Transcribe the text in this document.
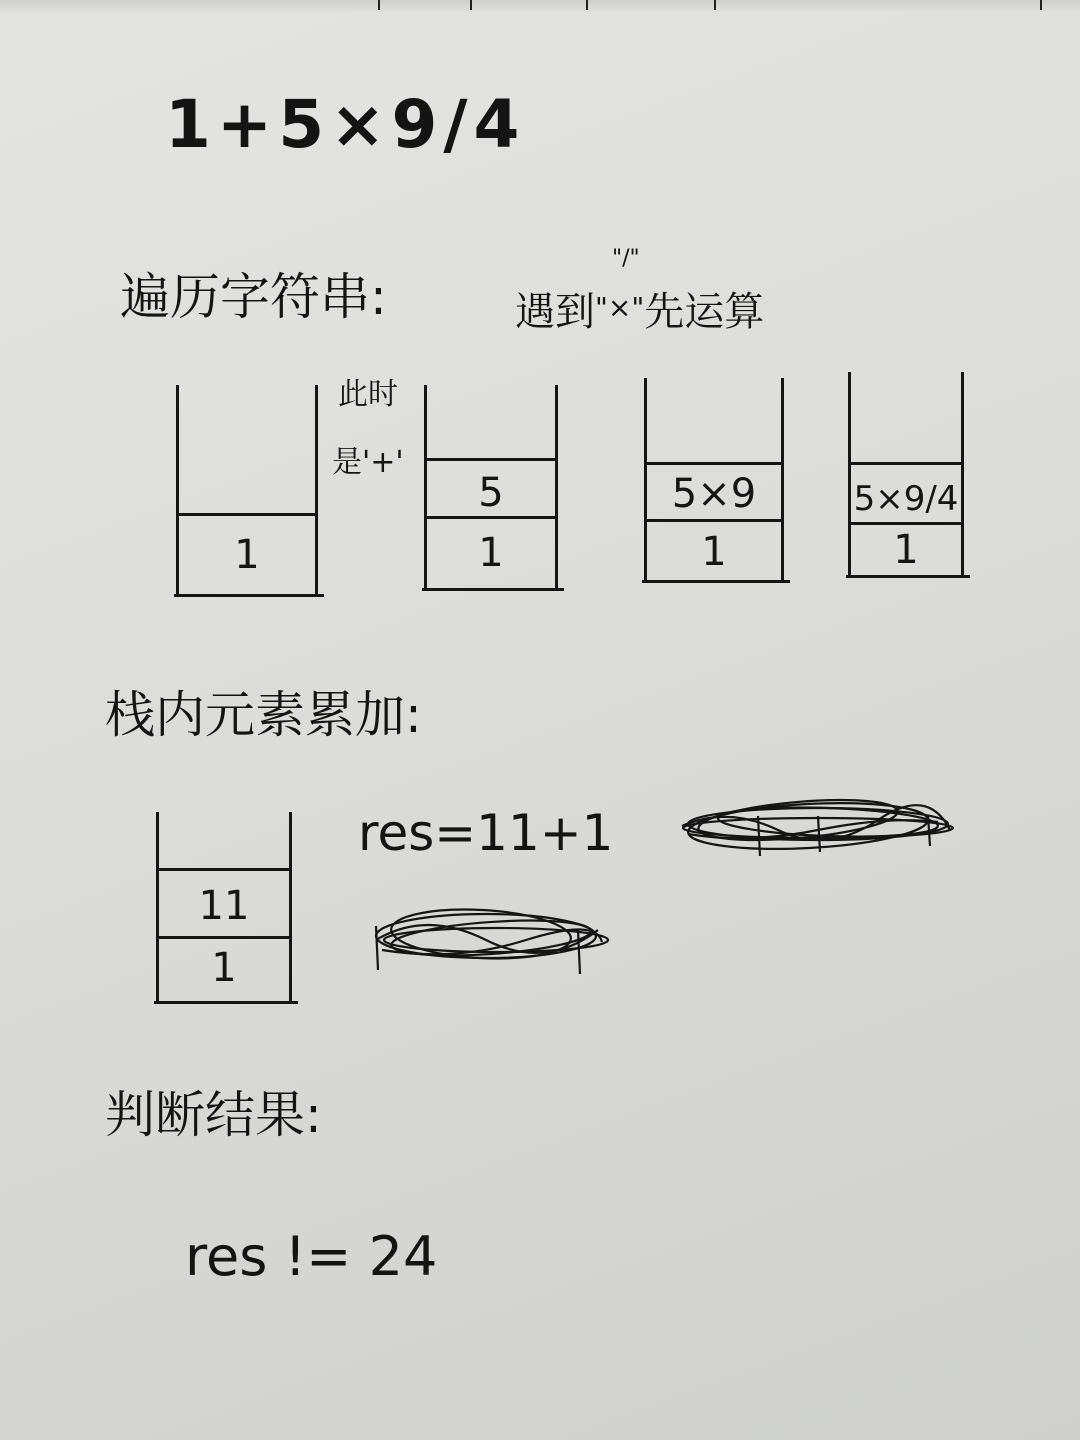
1+5×9/4
遍历字符串:
"/"
遇到"×"先运算
此时
是'+'
1
5
1
5×9
1
5×9/4
1
栈内元素累加:
11
1
res=11+1
判断结果:
res != 24
